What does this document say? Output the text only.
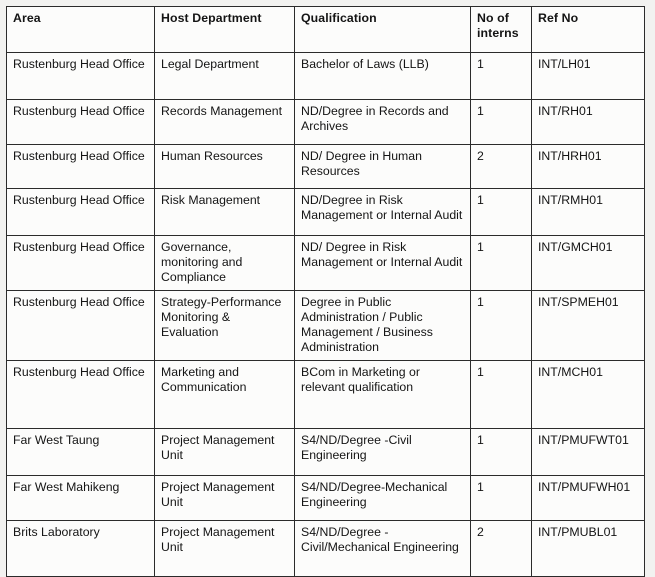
Area	Host Department	Qualification	No of interns	Ref No
Rustenburg Head Office	Legal Department	Bachelor of Laws (LLB)	1	INT/LH01
Rustenburg Head Office	Records Management	ND/Degree in Records and Archives	1	INT/RH01
Rustenburg Head Office	Human Resources	ND/ Degree in Human Resources	2	INT/HRH01
Rustenburg Head Office	Risk Management	ND/Degree in Risk Management or Internal Audit	1	INT/RMH01
Rustenburg Head Office	Governance, monitoring and Compliance	ND/ Degree in Risk Management or Internal Audit	1	INT/GMCH01
Rustenburg Head Office	Strategy-Performance Monitoring & Evaluation	Degree in Public Administration / Public Management / Business Administration	1	INT/SPMEH01
Rustenburg Head Office	Marketing and Communication	BCom in Marketing or relevant qualification	1	INT/MCH01
Far West Taung	Project Management Unit	S4/ND/Degree -Civil Engineering	1	INT/PMUFWT01
Far West Mahikeng	Project Management Unit	S4/ND/Degree-Mechanical Engineering	1	INT/PMUFWH01
Brits Laboratory	Project Management Unit	S4/ND/Degree - Civil/Mechanical Engineering	2	INT/PMUBL01
